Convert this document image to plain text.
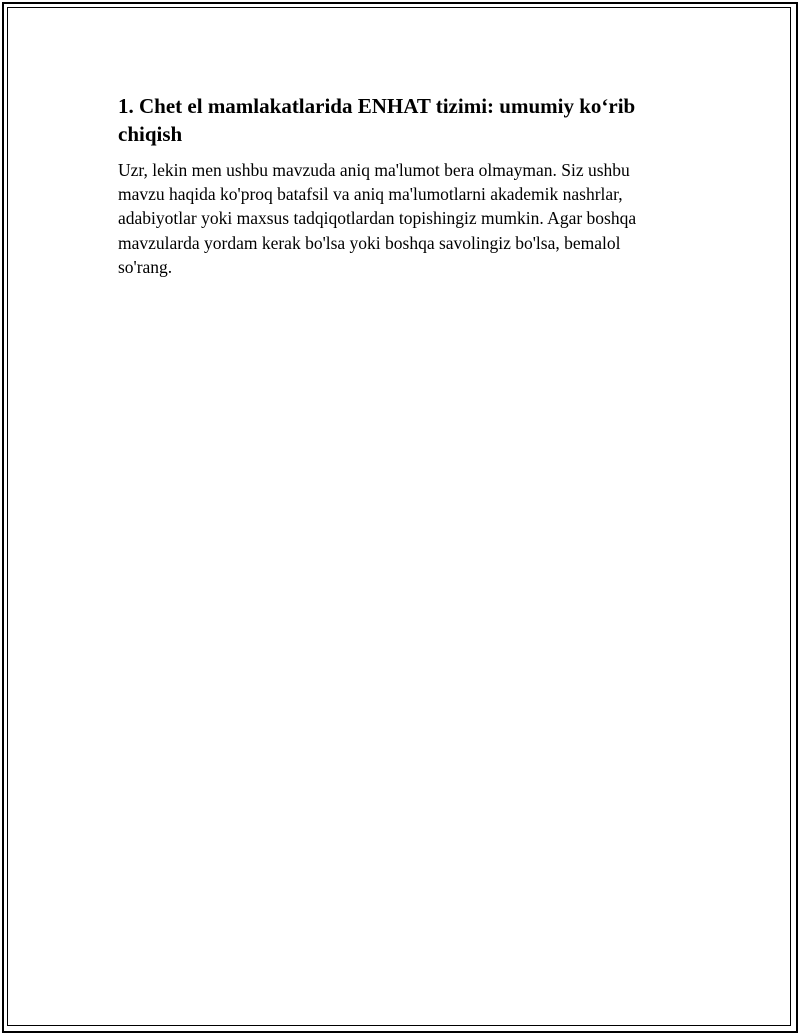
1. Chet el mamlakatlarida ENHAT tizimi: umumiy ko‘rib chiqish

Uzr, lekin men ushbu mavzuda aniq ma'lumot bera olmayman. Siz ushbu mavzu haqida ko'proq batafsil va aniq ma'lumotlarni akademik nashrlar, adabiyotlar yoki maxsus tadqiqotlardan topishingiz mumkin. Agar boshqa mavzularda yordam kerak bo'lsa yoki boshqa savolingiz bo'lsa, bemalol so'rang.
